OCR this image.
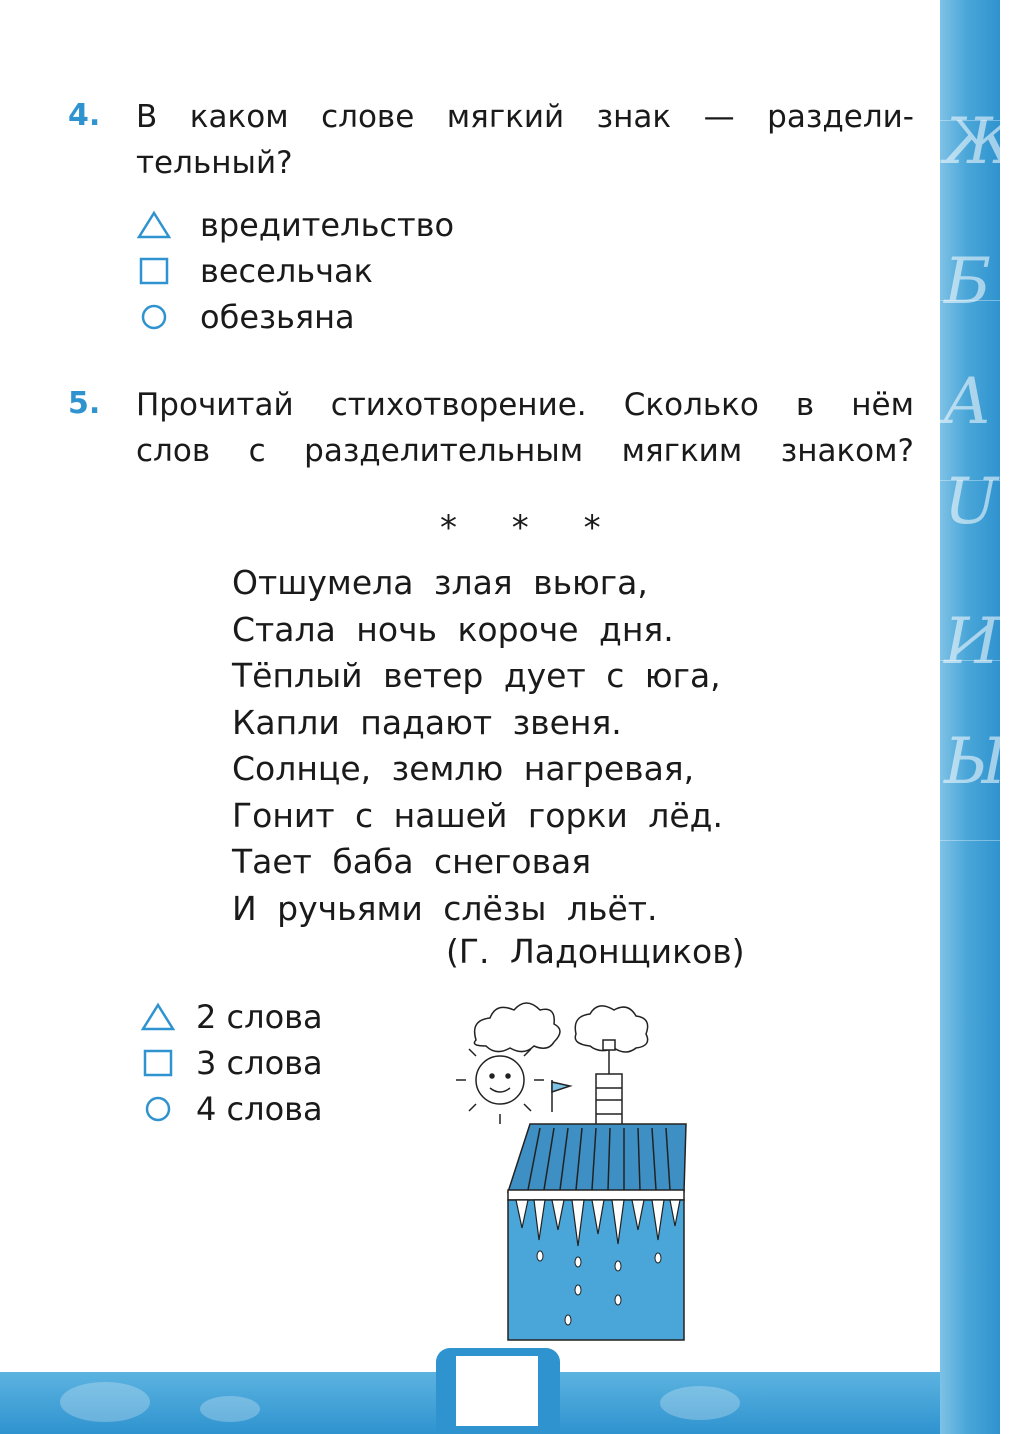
Ж
Б
A
U
И
Ы
4. В каком слове мягкий знак — раздели-
тельный?
вредительство
весельчак
обезьяна
5. Прочитай стихотворение. Сколько в нём
слов с разделительным мягким знаком?
* * *
Отшумела злая вьюга,
Стала ночь короче дня.
Тёплый ветер дует с юга,
Капли падают звеня.
Солнце, землю нагревая,
Гонит с нашей горки лёд.
Тает баба снеговая
И ручьями слёзы льёт.
(Г. Ладонщиков)
2 слова
3 слова
4 слова
